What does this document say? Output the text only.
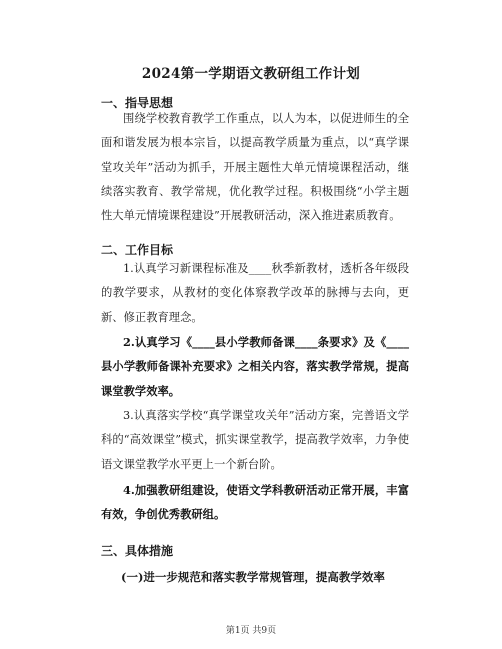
2024第一学期语文教研组工作计划
一、指导思想

围绕学校教育教学工作重点，以人为本，以促进师生的全面和谐发展为根本宗旨，以提高教学质量为重点，以“真学课堂攻关年”活动为抓手，开展主题性大单元情境课程活动，继续落实教育、教学常规，优化教学过程。积极围绕“小学主题性大单元情境课程建设”开展教研活动，深入推进素质教育。

二、工作目标

1.认真学习新课程标准及____秋季新教材，透析各年级段的教学要求，从教材的变化体察教学改革的脉搏与去向，更新、修正教育理念。

2.认真学习《____县小学教师备课____条要求》及《____县小学教师备课补充要求》之相关内容，落实教学常规，提高课堂教学效率。

3.认真落实学校“真学课堂攻关年”活动方案，完善语文学科的“高效课堂”模式，抓实课堂教学，提高教学效率，力争使语文课堂教学水平更上一个新台阶。

4.加强教研组建设，使语文学科教研活动正常开展，丰富有效，争创优秀教研组。

三、具体措施
(一)进一步规范和落实教学常规管理，提高教学效率
第1页 共9页
